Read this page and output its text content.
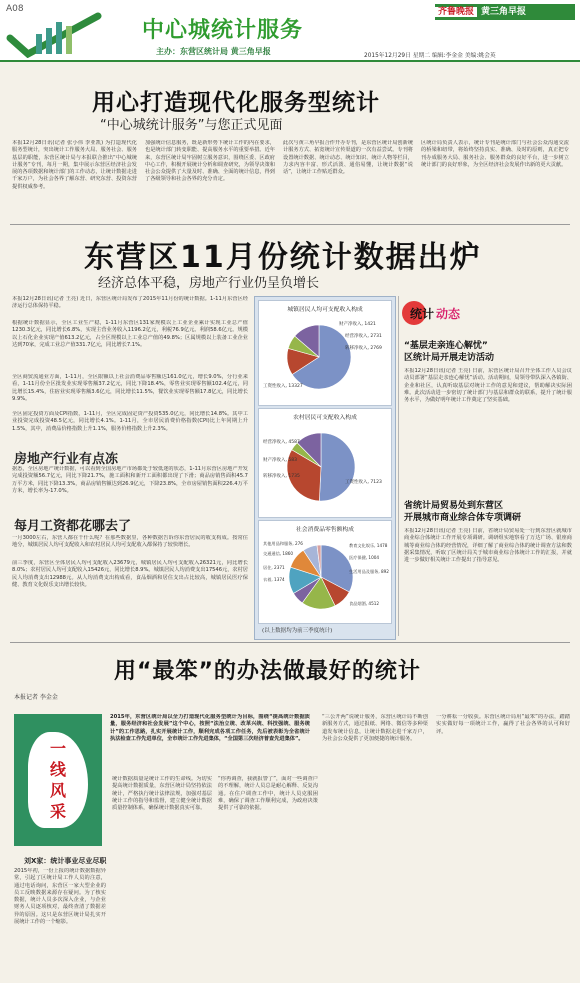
A08
中心城统计服务
主办：东营区统计局 黄三角早报
齐鲁晚报 黄三角早报
2015年12月29日 星期二 编辑:李金金 美编:姚会英
用心打造现代化服务型统计
“中心城统计服务”与您正式见面
本报12月28日讯(记者 张小伟 李亚凯) 为打造现代化服务型统计，突出统计工作服务大局、服务社会、服务基层的职能，东营区统计局与本报联合推出“中心城统计服务”专刊，每月一期，集中展示东营区经济社会发展的各项数据和统计部门的工作动态，让统计数据走进千家万户，为社会各界了解东营、研究东营、投资东营提供权威参考。
加强统计信息服务，既是新形势下统计工作的内在要求，也是统计部门转变职能、提高服务水平的重要举措。近年来，东营区统计局牢固树立服务意识，围绕区委、区政府中心工作，积极开展统计分析和调查研究，为领导决策和社会公众提供了大量及时、准确、全面的统计信息，得到了各级领导和社会各界的充分肯定。
此次与黄三角早报合作开办专刊，是东营区统计局创新统计服务方式、拓宽统计宣传渠道的一次有益尝试。专刊将设置统计数据、统计动态、统计知识、统计人物等栏目，力求内容丰富、形式活泼、通俗易懂，让统计数据“说话”，让统计工作贴近群众。
区统计局负责人表示，统计专刊是统计部门与社会公众沟通交流的桥梁和纽带，将始终坚持真实、准确、及时的原则，真正把专刊办成服务大局、服务社会、服务群众的良好平台，进一步树立统计部门的良好形象，为全区经济社会发展作出新的更大贡献。
东营区11月份统计数据出炉
经济总体平稳，房地产行业仍呈负增长
本报12月28日讯(记者 王亮) 近日，东营区统计局发布了2015年11月份的统计数据。1-11月东营区经济运行总体保持平稳。
根据统计数据显示，全区工业生产稳，1-11月东营区131家规模以上工业企业累计实现工业总产值1230.3亿元，同比增长6.8%，实现主营业务收入1196.2亿元，利税76.9亿元。利润58.6亿元。规模以上石化企业实现产值613.2亿元，占全区规模以上工业总产值的49.8%；区属规模以上装备工业企业达到70家，完成工业总产值331.7亿元，同比增长7.1%。
全区商贸流通业方面，1-11月，全区限额以上社会消费品零售额达161.0亿元，增长9.0%，分行业来看，1-11月份全区批发业实现零售额37.2亿元，同比下降18.4%，零售业实现零售额102.4亿元，同比增长15.4%，住宿业实现零售额3.6亿元，同比增长11.5%，餐饮业实现零售额17.8亿元，同比增长9.9%。
全区固定投资方面及CPI指数，1-11月，全区完成固定资产投资535.0亿元，同比增长14.8%。其中工业投资完成投资48.5亿元，同比增长4.1%。1-11月，全市居民消费价格指数(CPI)比上年同期上升1.5%，其中，消费品价格指数上升1.1%，服务价格指数上升2.3%。
房地产行业有点冻
据悉，全区房地产统计数据，可以看到全国房地产市场都处于较低迷的状态，1-11月东营区房地产开发完成投资额56.7亿元，同比下降21.7%，施工面积和新开工面积都出现了下滑；商品房销售面积45.7万平方米，同比下降13.3%，商品房销售额达到26.9亿元，下降23.8%，全市房屋销售面积226.4万平方米，增长率为-17.0%。
每月工资都花哪去了
一月3000左右，东营人都在干什么呢？在那些数据里，各种数据告诉你东营居民的收支构成。按常住地分，城镇居民人均可支配收入和农村居民人均可支配收入都保持了较快增长。
前三季度，东营区全体居民人均可支配收入23679元，城镇居民人均可支配收入26321元，同比增长8.0%；农村居民人均可支配收入15426元，同比增长8.9%。城镇居民人均消费支出17546元，农村居民人均消费支出12988元。从人均消费支出构成看，食品烟酒和居住支出占比较高，城镇居民医疗保健、教育文化娱乐支出增长较快。
(以上数据均为前三季度统计)
城镇居民人均可支配收入构成
工资性收入, 13327
经营净收入, 2731
财产净收入, 1421
转移净收入, 2769
农村居民可支配收入构成
工资性收入, 7123
经营净收入, 4587
财产净收入, 583
转移净收入, 1735
社会消费品零售额构成
其他用品和服务, 276
交通通信, 1860
居住, 2371
教育文化娱乐, 1478
医疗保健, 1004
衣着, 1374
食品烟酒, 4512
生活用品及服务, 892
统计 动态
“基层走亲连心解忧”
区统计局开展走访活动
本报12月28日讯(记者 王亮) 日前，东营区统计局召开全体工作人员会议动员部署“基层走亲连心解忧”活动。活动期间，局领导带队深入各镇街、企业和社区，认真听取基层对统计工作的意见和建议，帮助解决实际困难。此次活动进一步密切了统计部门与基层和群众的联系，提升了统计服务水平，为做好明年统计工作奠定了坚实基础。
省统计局贸易处到东营区
开展城市商业综合体专项调研
本报12月28日讯(记者 王亮) 日前，省统计局贸易处一行到东营区就城市商业综合体统计工作开展专项调研。调研组实地察看了万达广场、银座商城等商业综合体的经营情况，详细了解了商业综合体的统计调查方法和数据采集情况，听取了区统计局关于城市商业综合体统计工作的汇报，并就进一步做好相关统计工作提出了指导意见。
用“最笨”的办法做最好的统计
本报记者 李金金
2015年，东营区统计局以全力打造现代化服务型统计为目标，围绕“提高统计数据质量，服务经济和社会发展”这个中心，按照“法治立统、改革兴统、科技强统、服务统计”的工作思路，扎实开展统计工作，顺利完成各项工作任务，先后被表彰为全省统计执法检查工作先进单位，全市统计工作先进集体，“全国第三次经济普查先进集体”。
一线风采
刘X家：统计事业尽业尽职
2015年初，一份上报的统计数据数据异常，引起了区统计局工作人员的注意，通过电话询问，东营区一家大型企业的员工反映数据来源存在疑问。为了核实数据，统计人员多次深入企业，与企业财务人员逐项核对，最终查清了数据差异的原因。这只是东营区统计局扎实开展统计工作的一个缩影。
统计数据质量是统计工作的生命线。为切实提高统计数据质量，东营区统计局坚持依法统计，严格执行统计法律法规，加强对基层统计工作的指导和监督，建立健全统计数据质量控制体系，确保统计数据真实可靠。
“你再调查，我就报警了”，面对一些调查户的不理解，统计人员总是耐心解释、反复沟通。在住户调查工作中，统计人员克服困难，确保了调查工作顺利完成，为政府决策提供了可靠的依据。
“三公开两”说统计服务，东营区统计局不断创新服务方式，通过报纸、网络、微信等多种渠道发布统计信息，让统计数据走进千家万户，为社会公众提供了更加便捷的统计服务。
一分耕耘一分收获。东营区统计局用“最笨”的办法，踏踏实实做好每一项统计工作，赢得了社会各界的认可和好评。
